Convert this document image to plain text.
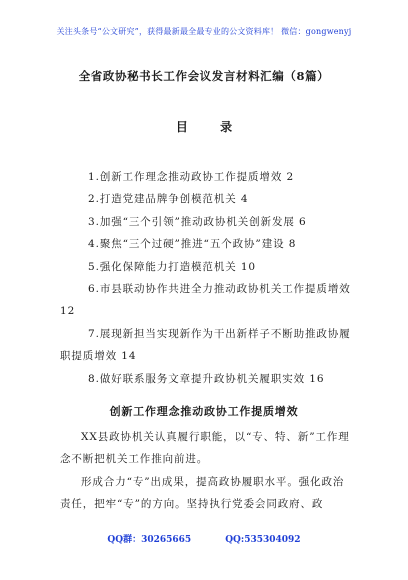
关注头条号“公文研究”，获得最新最全最专业的公文资料库！ 微信：gongwenyj
全省政协秘书长工作会议发言材料汇编（8篇）
目 录
1.创新工作理念推动政协工作提质增效 2
2.打造党建品牌争创模范机关 4
3.加强“三个引领”推动政协机关创新发展 6
4.聚焦“三个过硬”推进“五个政协”建设 8
5.强化保障能力打造模范机关 10
6.市县联动协作共进全力推动政协机关工作提质增效
12
7.展现新担当实现新作为干出新样子不断助推政协履
职提质增效 14
8.做好联系服务文章提升政协机关履职实效 16
创新工作理念推动政协工作提质增效

XX县政协机关认真履行职能，以“专、特、新”工作理念不断把机关工作推向前进。

形成合力“专”出成果，提高政协履职水平。强化政治责任，把牢“专”的方向。坚持执行党委会同政府、政

QQ群：30265665	QQ:535304092
